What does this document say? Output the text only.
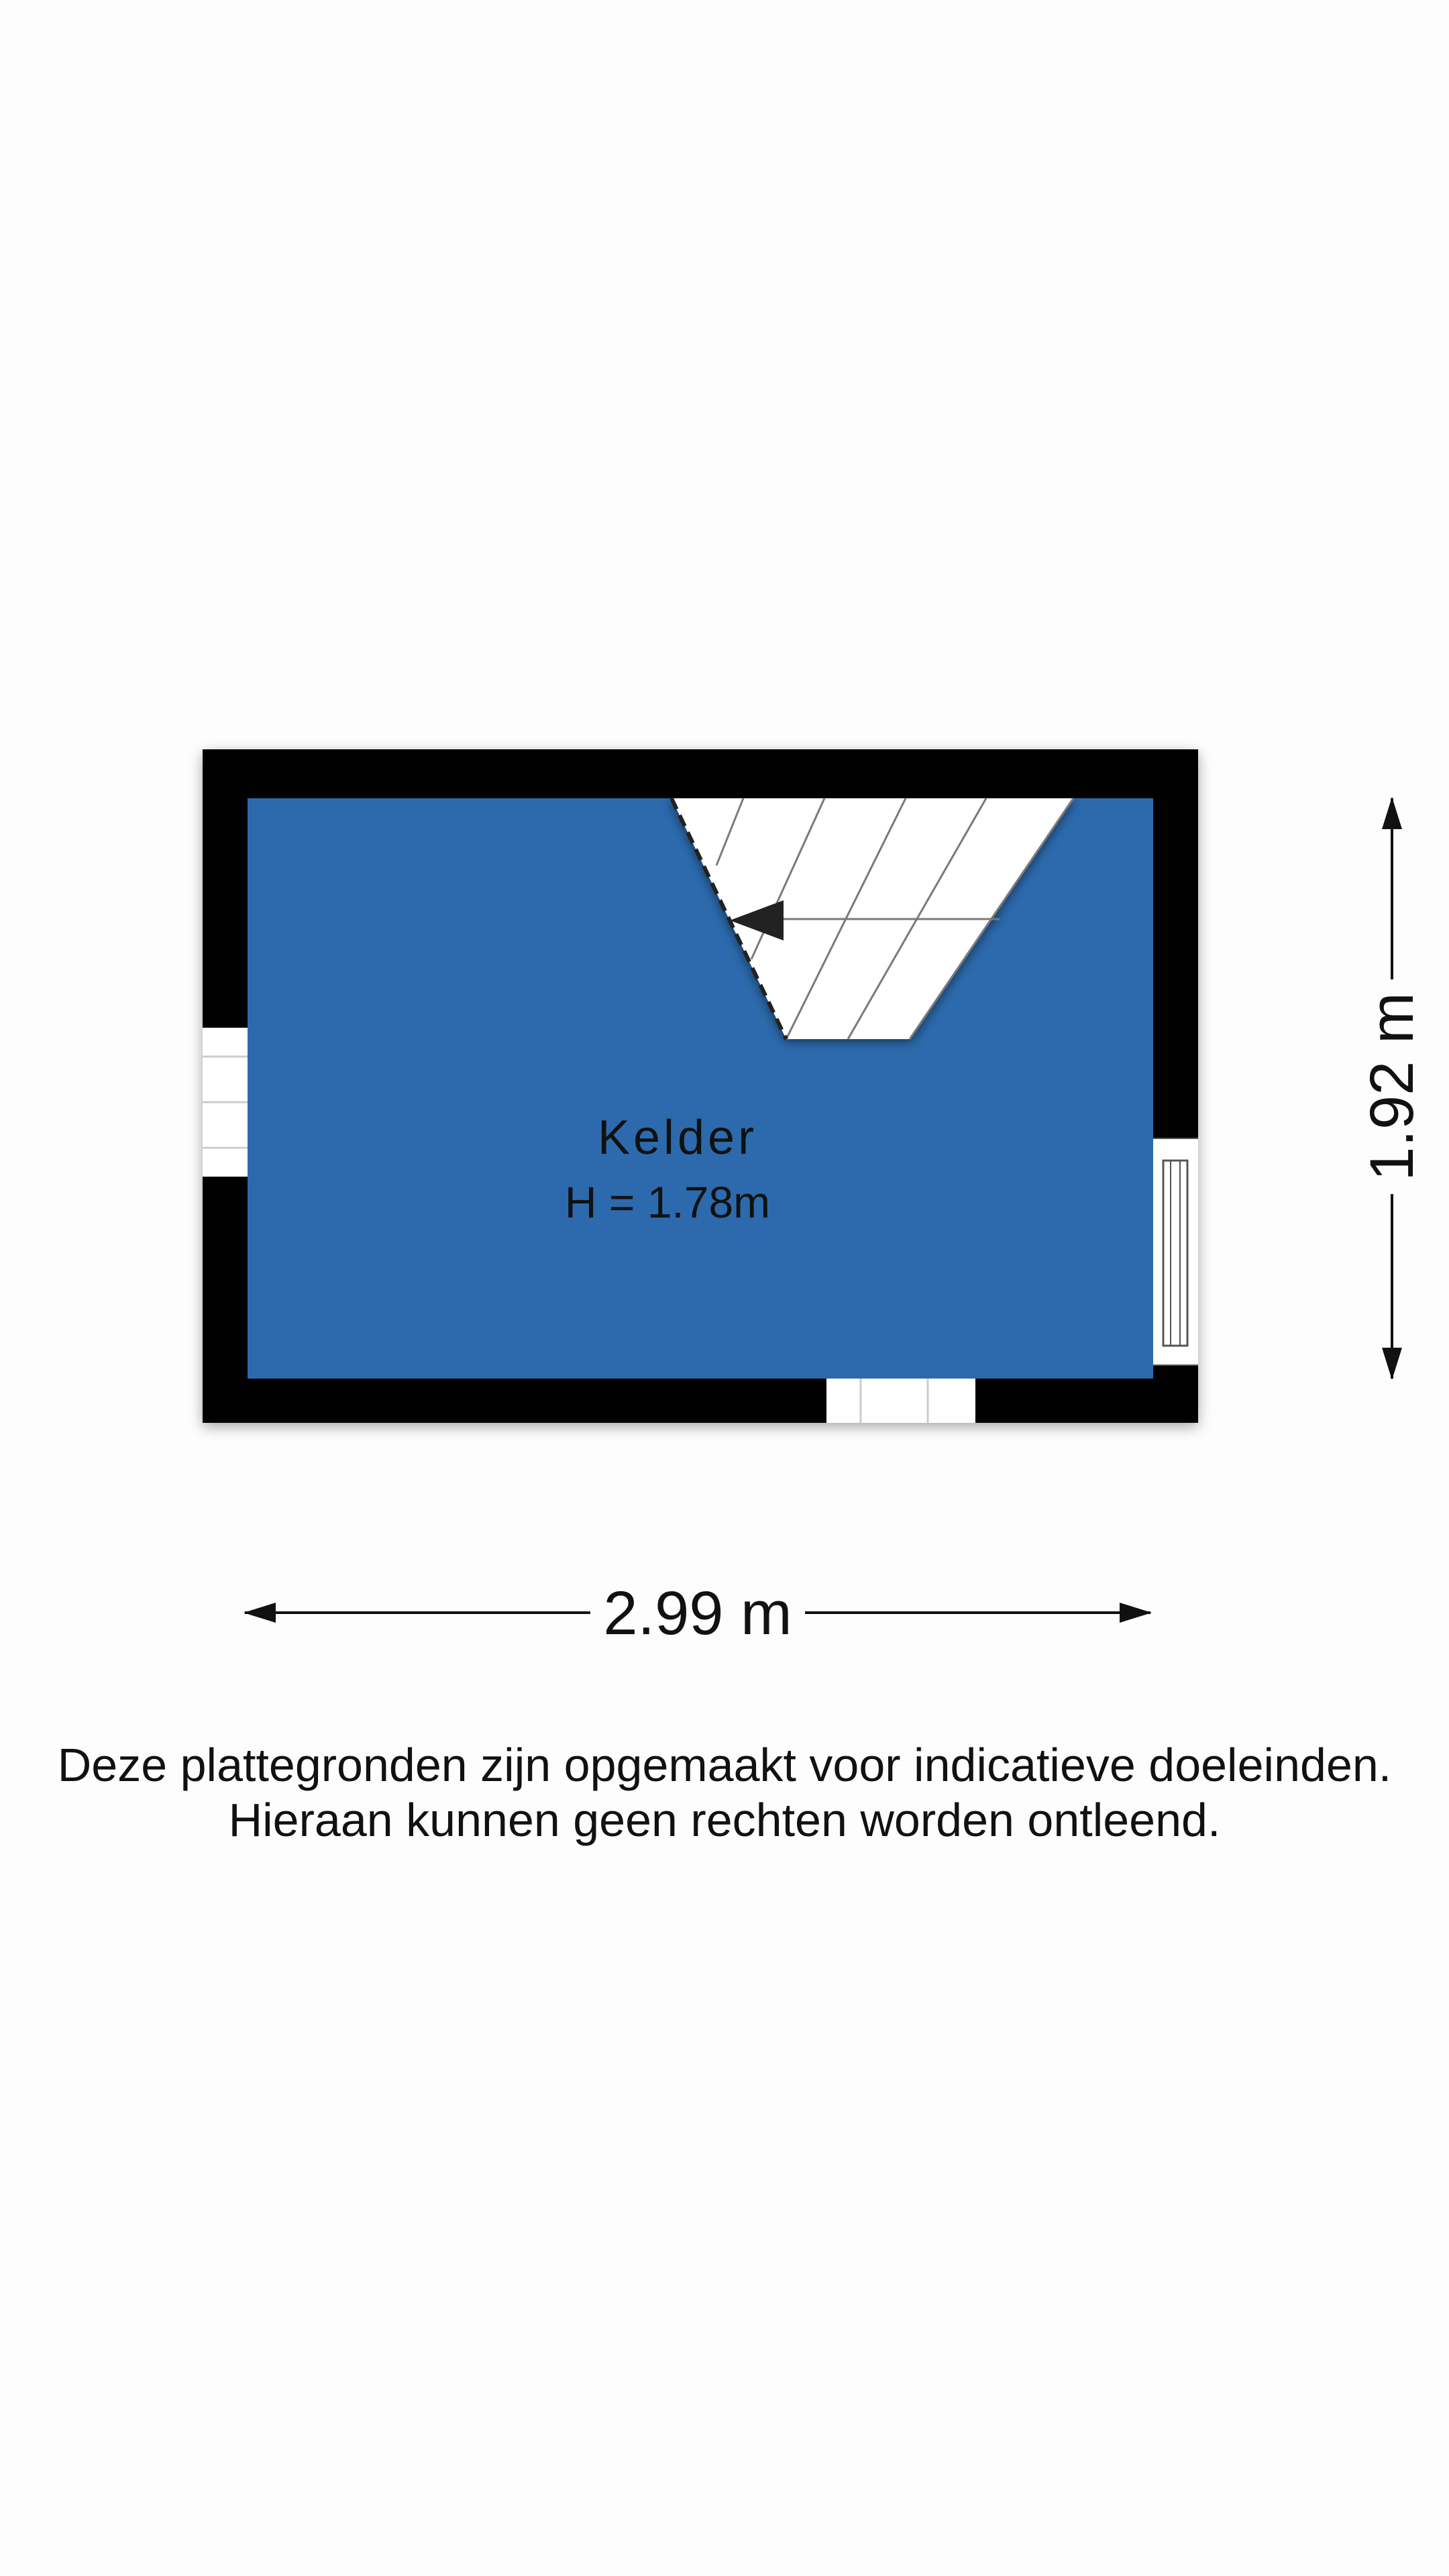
Kelder
H = 1.78m
1.92 m
2.99 m
Deze plattegronden zijn opgemaakt voor indicatieve doeleinden.
Hieraan kunnen geen rechten worden ontleend.
